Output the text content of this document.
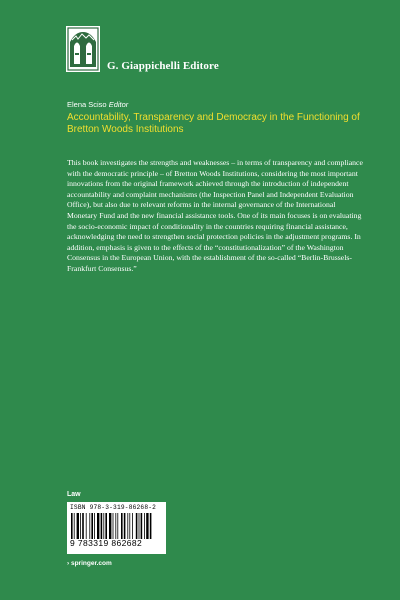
G. Giappichelli Editore
Elena Sciso Editor
Accountability, Transparency and Democracy in the Functioning of Bretton Woods Institutions
This book investigates the strengths and weaknesses – in terms of transparency and compliance with the democratic principle – of Bretton Woods Institutions, considering the most important innovations from the original framework achieved through the introduction of independent accountability and complaint mechanisms (the Inspection Panel and Independent Evaluation Office), but also due to relevant reforms in the internal governance of the International Monetary Fund and the new financial assistance tools. One of its main focuses is on evaluating the socio-economic impact of conditionality in the countries requiring financial assistance, acknowledging the need to strengthen social protection policies in the adjustment programs. In addition, emphasis is given to the effects of the “constitutionalization” of the Washington Consensus in the European Union, with the establishment of the so-called “Berlin-Brussels-Frankfurt Consensus.”
Law
ISBN 978-3-319-86268-2
9 783319 862682
› springer.com
